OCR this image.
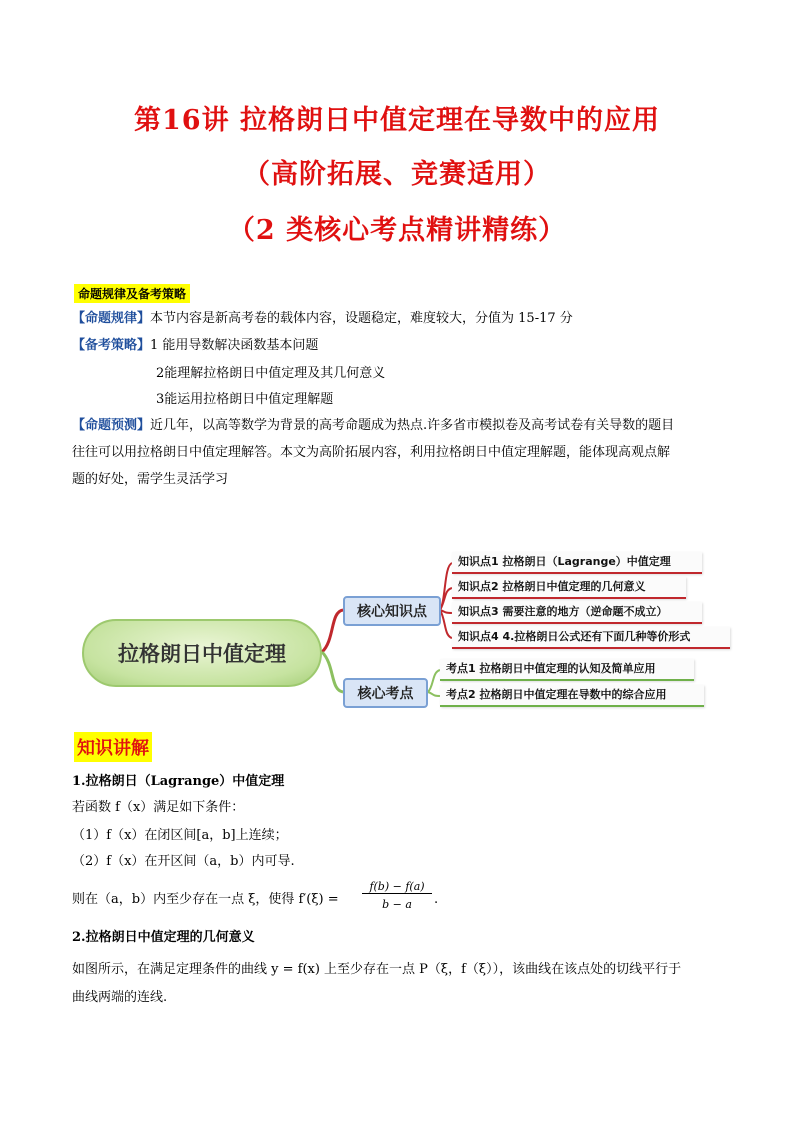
第16讲 拉格朗日中值定理在导数中的应用
（高阶拓展、竞赛适用）
（2 类核心考点精讲精练）
命题规律及备考策略
【命题规律】本节内容是新高考卷的载体内容，设题稳定，难度较大，分值为 15-17 分
【备考策略】1 能用导数解决函数基本问题
2能理解拉格朗日中值定理及其几何意义
3能运用拉格朗日中值定理解题
【命题预测】近几年，以高等数学为背景的高考命题成为热点.许多省市模拟卷及高考试卷有关导数的题目
往往可以用拉格朗日中值定理解答。本文为高阶拓展内容，利用拉格朗日中值定理解题，能体现高观点解
题的好处，需学生灵活学习
拉格朗日中值定理
核心知识点
核心考点
知识点1 拉格朗日（Lagrange）中值定理
知识点2 拉格朗日中值定理的几何意义
知识点3 需要注意的地方（逆命题不成立）
知识点4 4.拉格朗日公式还有下面几种等价形式
考点1 拉格朗日中值定理的认知及简单应用
考点2 拉格朗日中值定理在导数中的综合应用
知识讲解
1.拉格朗日（Lagrange）中值定理
若函数 f（x）满足如下条件：
（1）f（x）在闭区间[a，b]上连续；
（2）f（x）在开区间（a，b）内可导.
则在（a，b）内至少存在一点 ξ，使得 f′(ξ) =
f(b) − f(a)
b − a	.
2.拉格朗日中值定理的几何意义
如图所示，在满足定理条件的曲线 y = f(x) 上至少存在一点 P（ξ，f（ξ）），该曲线在该点处的切线平行于
曲线两端的连线.
